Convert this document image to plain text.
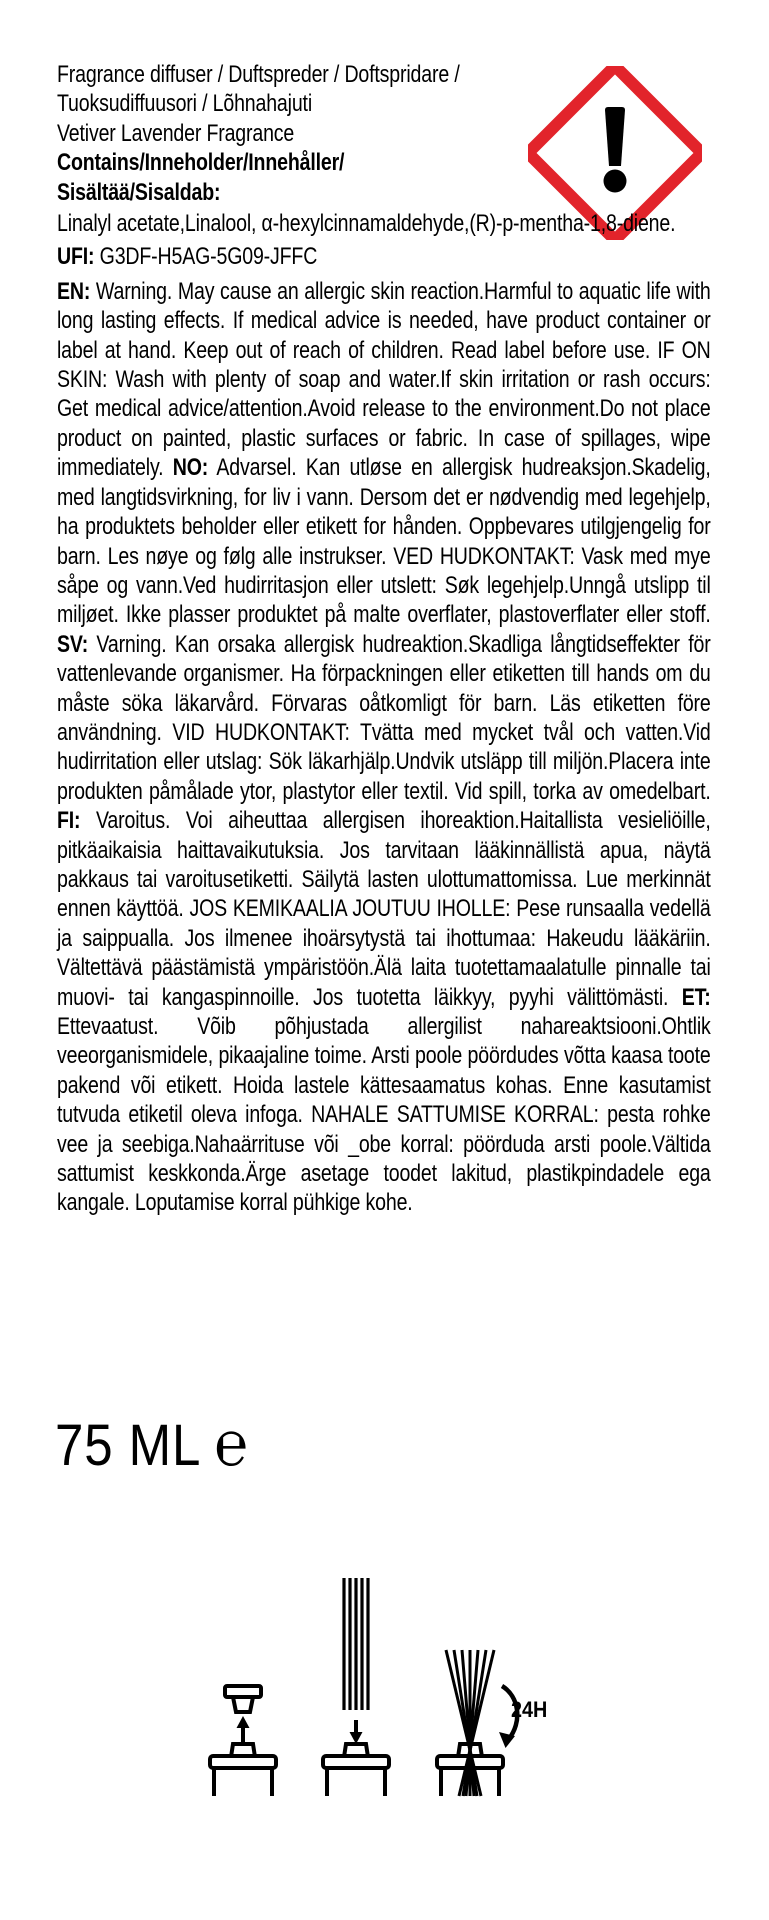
Fragrance diffuser / Duftspreder / Doftspridare /
Tuoksudiffuusori / Lõhnahajuti
Vetiver Lavender Fragrance
Contains/Inneholder/Innehåller/
Sisältää/Sisaldab:
Linalyl acetate,Linalool, α-hexylcinnamaldehyde,(R)-p-mentha-1,8-diene.
UFI: G3DF-H5AG-5G09-JFFC
EN: Warning. May cause an allergic skin reaction.Harmful to aquatic life with long lasting effects. If medical advice is needed, have product container or label at hand. Keep out of reach of children. Read label before use. IF ON SKIN: Wash with plenty of soap and water.If skin irritation or rash occurs: Get medical advice/attention.Avoid release to the environment.Do not place product on painted, plastic surfaces or fabric. In case of spillages, wipe immediately. NO: Advarsel. Kan utløse en allergisk hudreaksjon.Skadelig, med langtidsvirkning, for liv i vann. Dersom det er nødvendig med legehjelp, ha produktets beholder eller etikett for hånden. Oppbevares utilgjengelig for barn. Les nøye og følg alle instrukser. VED HUDKONTAKT: Vask med mye såpe og vann.Ved hudirritasjon eller utslett: Søk legehjelp.Unngå utslipp til miljøet. Ikke plasser produktet på malte overflater, plastoverflater eller stoff. SV: Varning. Kan orsaka allergisk hudreaktion.Skadliga långtidseffekter för vattenlevande organismer. Ha förpackningen eller etiketten till hands om du måste söka läkarvård. Förvaras oåtkomligt för barn. Läs etiketten före användning. VID HUDKONTAKT: Tvätta med mycket tvål och vatten.Vid hudirritation eller utslag: Sök läkarhjälp.Undvik utsläpp till miljön.Placera inte produkten påmålade ytor, plastytor eller textil. Vid spill, torka av omedelbart. FI: Varoitus. Voi aiheuttaa allergisen ihoreaktion.Haitallista vesieliöille, pitkäaikaisia haittavaikutuksia. Jos tarvitaan lääkinnällistä apua, näytä pakkaus tai varoitusetiketti. Säilytä lasten ulottumattomissa. Lue merkinnät ennen käyttöä. JOS KEMIKAALIA JOUTUU IHOLLE: Pese runsaalla vedellä ja saippualla. Jos ilmenee ihoärsytystä tai ihottumaa: Hakeudu lääkäriin. Vältettävä päästämistä ympäristöön.Älä laita tuotettamaalatulle pinnalle tai muovi- tai kangaspinnoille. Jos tuotetta läikkyy, pyyhi välittömästi. ET: Ettevaatust. Võib põhjustada allergilist nahareaktsiooni.Ohtlik veeorganismidele, pikaajaline toime. Arsti poole pöördudes võtta kaasa toote pakend või etikett. Hoida lastele kättesaamatus kohas. Enne kasutamist tutvuda etiketil oleva infoga. NAHALE SATTUMISE KORRAL: pesta rohke vee ja seebiga.Nahaärrituse või _obe korral: pöörduda arsti poole.Vältida sattumist keskkonda.Ärge asetage toodet lakitud, plastikpindadele ega kangale. Loputamise korral pühkige kohe.
75 ML ℮
24H
